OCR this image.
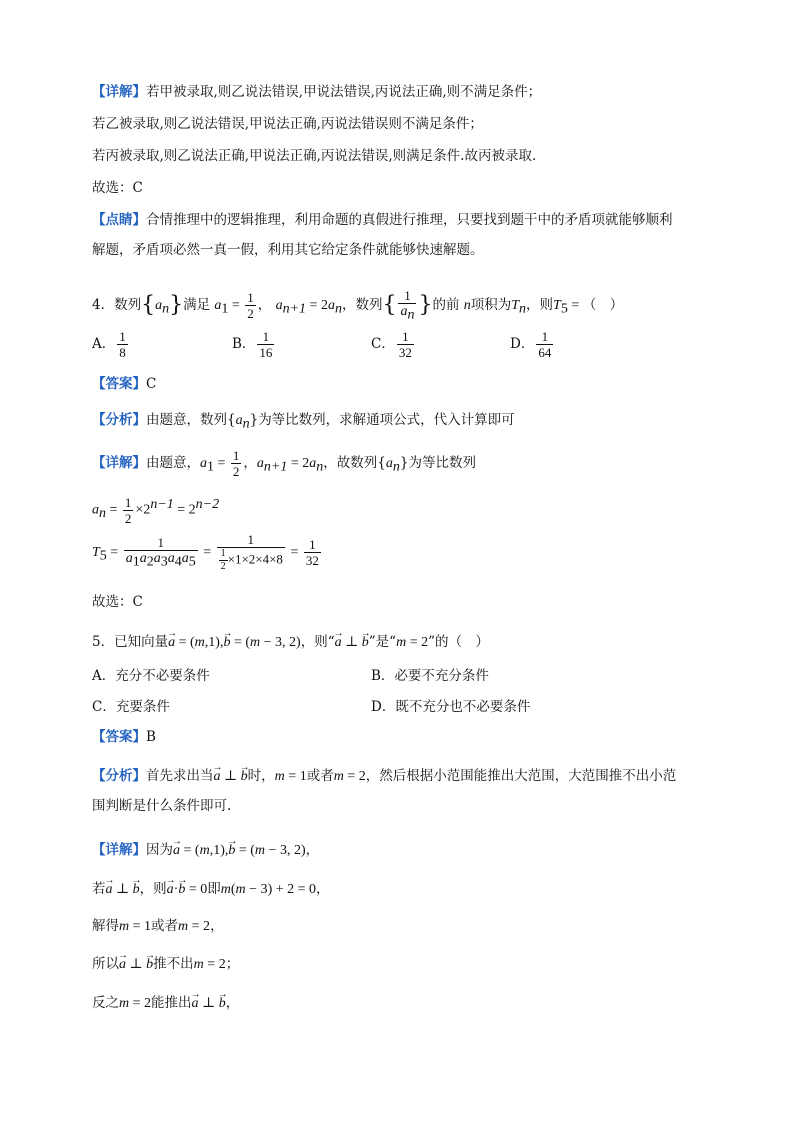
【详解】若甲被录取,则乙说法错误,甲说法错误,丙说法正确,则不满足条件；
若乙被录取,则乙说法错误,甲说法正确,丙说法错误则不满足条件；
若丙被录取,则乙说法正确,甲说法正确,丙说法错误,则满足条件.故丙被录取.
故选：C
【点睛】合情推理中的逻辑推理，利用命题的真假进行推理，只要找到题干中的矛盾项就能够顺利
解题，矛盾项必然一真一假，利用其它给定条件就能够快速解题。
4．数列$\{a_n\}$满足 $a_1 = \frac{1}{2}$ ， $a_{n+1} = 2a_n$，数列{ $\frac{1}{a_n}$ }的前 n项积为$T_n$，则$T_5$ = （　）
A． $\frac{1}{8}$	B． $\frac{1}{16}$	C． $\frac{1}{32}$	D． $\frac{1}{64}$
【答案】C
【分析】由题意，数列$\{a_n\}$为等比数列，求解通项公式，代入计算即可
【详解】由题意，$a_1 = \frac{1}{2}$ ，$a_{n+1} = 2a_n$，故数列$\{a_n\}$为等比数列
$a_n = \frac{1}{2} \times 2^{n-1} = 2^{n-2}$
$T_5 = \frac{1}{a_1a_2a_3a_4a_5} = \frac{1}{\frac{1}{2} \times 1\times 2\times 4\times 8} = \frac{1}{32}$
故选：C
5．已知向量→ a = (m,1),→ b = (m − 3, 2)，则“→ a ⊥ → b”是“m = 2”的（　）
A．充分不必要条件	B．必要不充分条件
C．充要条件	D．既不充分也不必要条件
【答案】B
【分析】首先求出当→ a ⊥ → b时，m = 1或者m = 2，然后根据小范围能推出大范围，大范围推不出小范
围判断是什么条件即可.
【详解】因为→ a = (m,1),→ b = (m − 3, 2)，
若→ a ⊥ → b，则→ a·→ b = 0即m(m − 3) + 2 = 0，
解得m = 1或者m = 2，
所以→ a ⊥ → b推不出m = 2；
反之m = 2能推出→ a ⊥ → b，
